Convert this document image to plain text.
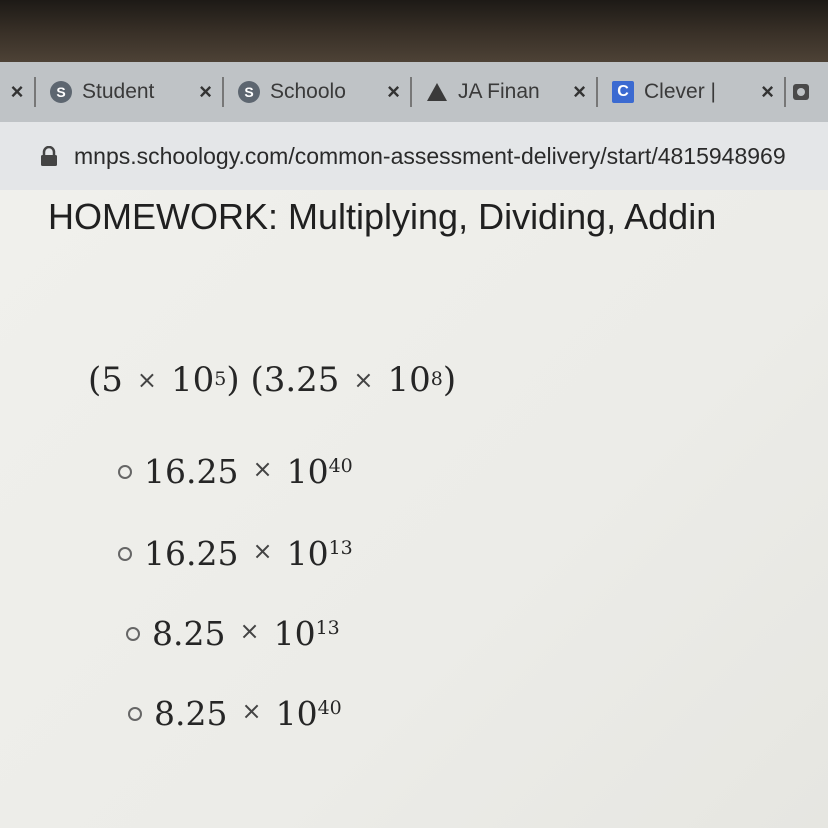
×	S Student	×	S Schoolo	×	JA Finan	×	C Clever |	×
mnps.schoology.com/common-assessment-delivery/start/4815948969
HOMEWORK: Multiplying, Dividing, Addin
$(5 \times 10^5)$ $(3.25 \times 10^8)$
$16.25 \times 10^{40}$
$16.25 \times 10^{13}$
$8.25 \times 10^{13}$
$8.25 \times 10^{40}$
